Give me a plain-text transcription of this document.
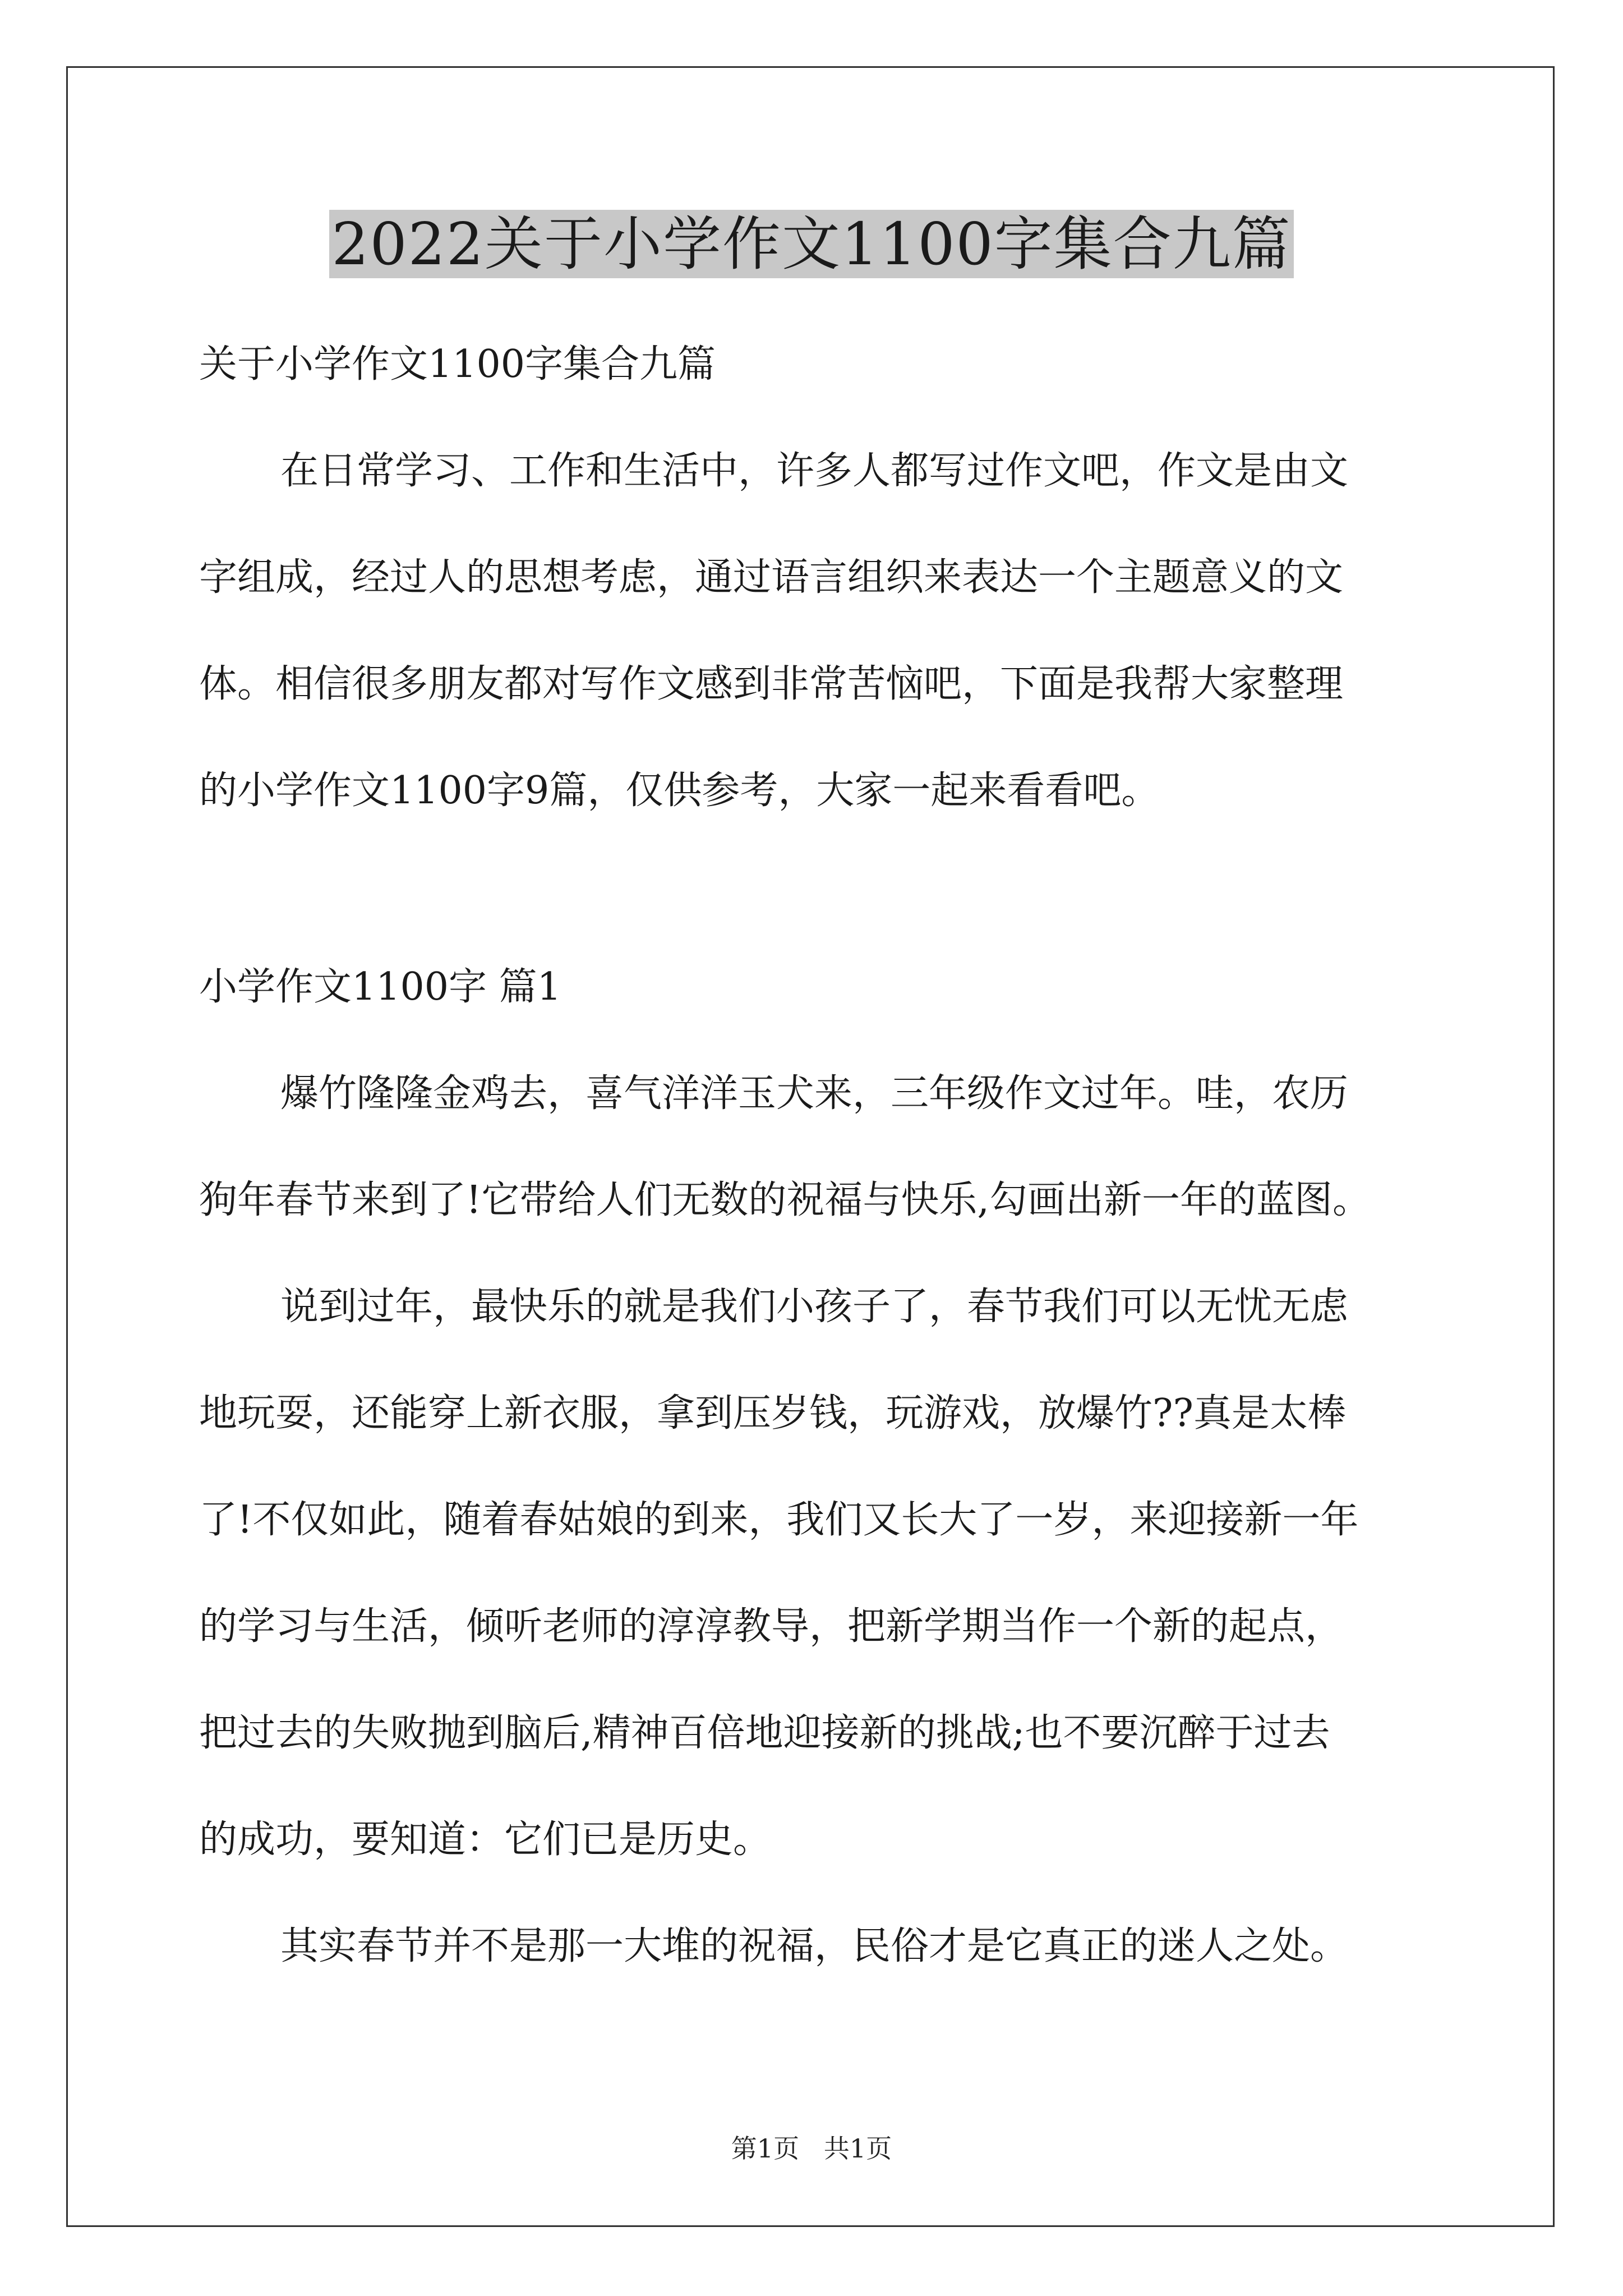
2022关于小学作文1100字集合九篇

关于小学作文1100字集合九篇

在日常学习、工作和生活中，许多人都写过作文吧，作文是由文

字组成，经过人的思想考虑，通过语言组织来表达一个主题意义的文

体。相信很多朋友都对写作文感到非常苦恼吧，下面是我帮大家整理

的小学作文1100字9篇，仅供参考，大家一起来看看吧。

小学作文1100字 篇1

爆竹隆隆金鸡去，喜气洋洋玉犬来，三年级作文过年。哇，农历

狗年春节来到了!它带给人们无数的祝福与快乐,勾画出新一年的蓝图。

说到过年，最快乐的就是我们小孩子了，春节我们可以无忧无虑

地玩耍，还能穿上新衣服，拿到压岁钱，玩游戏，放爆竹??真是太棒

了!不仅如此，随着春姑娘的到来，我们又长大了一岁，来迎接新一年

的学习与生活，倾听老师的淳淳教导，把新学期当作一个新的起点，

把过去的失败抛到脑后,精神百倍地迎接新的挑战;也不要沉醉于过去

的成功，要知道：它们已是历史。

其实春节并不是那一大堆的祝福，民俗才是它真正的迷人之处。

第1页   共1页
